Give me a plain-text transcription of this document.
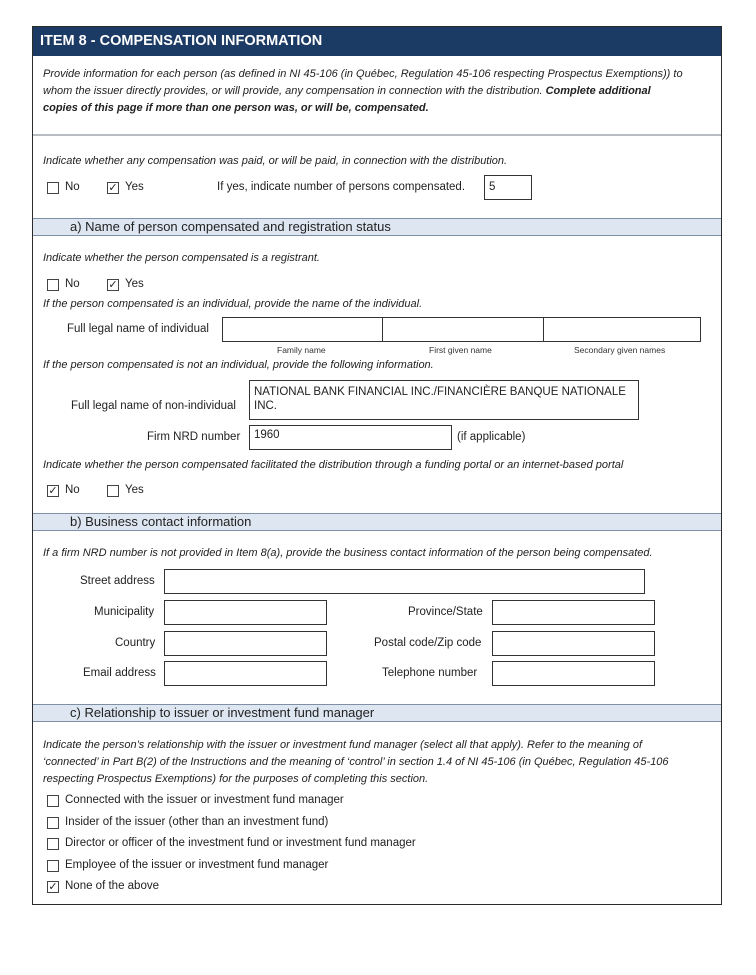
ITEM 8 - COMPENSATION INFORMATION
Provide information for each person (as defined in NI 45-106 (in Québec, Regulation 45-106 respecting Prospectus Exemptions)) to
whom the issuer directly provides, or will provide, any compensation in connection with the distribution. Complete additional
copies of this page if more than one person was, or will be, compensated.
Indicate whether any compensation was paid, or will be paid, in connection with the distribution.
No	✓ Yes	If yes, indicate number of persons compensated.	5
a) Name of person compensated and registration status
Indicate whether the person compensated is a registrant.
No	✓ Yes
If the person compensated is an individual, provide the name of the individual.
Full legal name of individual
Family name	First given name	Secondary given names
If the person compensated is not an individual, provide the following information.
Full legal name of non-individual
NATIONAL BANK FINANCIAL INC./FINANCIÈRE BANQUE NATIONALE
INC.
Firm NRD number	1960	(if applicable)
Indicate whether the person compensated facilitated the distribution through a funding portal or an internet-based portal
✓ No	Yes
b) Business contact information
If a firm NRD number is not provided in Item 8(a), provide the business contact information of the person being compensated.
Street address
Municipality	Province/State
Country	Postal code/Zip code
Email address	Telephone number
c) Relationship to issuer or investment fund manager
Indicate the person’s relationship with the issuer or investment fund manager (select all that apply). Refer to the meaning of
‘connected’ in Part B(2) of the Instructions and the meaning of ‘control’ in section 1.4 of NI 45-106 (in Québec, Regulation 45-106
respecting Prospectus Exemptions) for the purposes of completing this section.
Connected with the issuer or investment fund manager
Insider of the issuer (other than an investment fund)
Director or officer of the investment fund or investment fund manager
Employee of the issuer or investment fund manager
✓ None of the above
